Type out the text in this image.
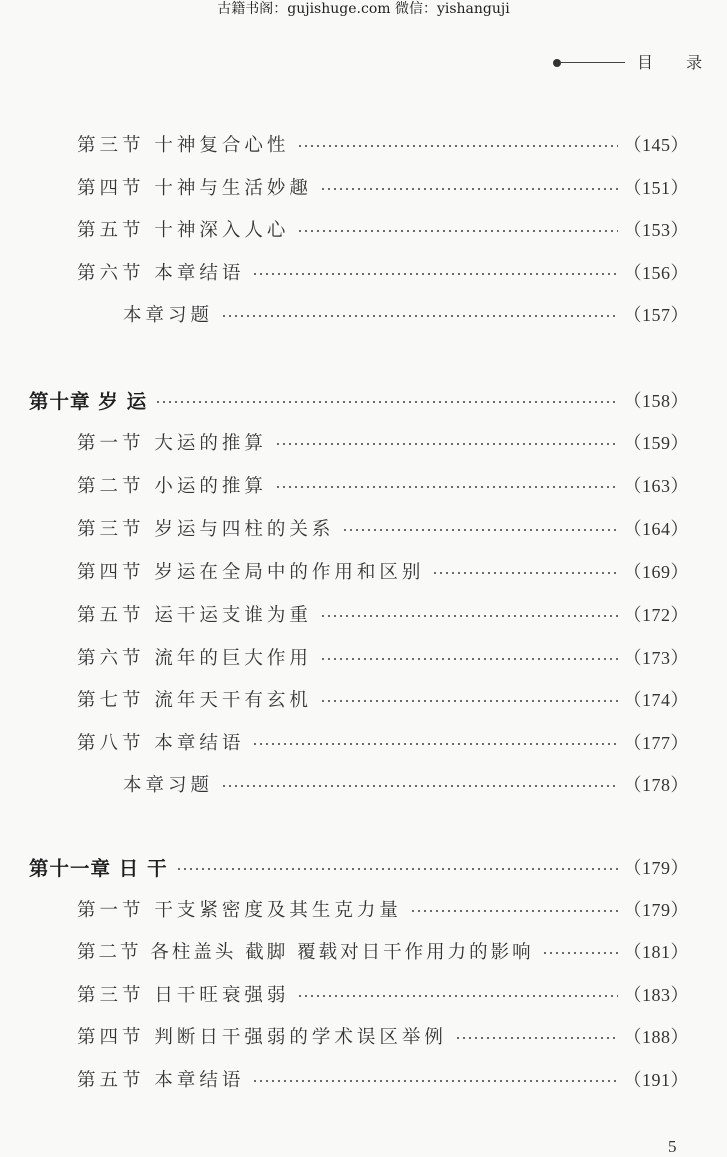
古籍书阁：gujishuge.com 微信：yishanguji
目 录
第三节 十神复合心性	（145）
第四节 十神与生活妙趣	（151）
第五节 十神深入人心	（153）
第六节 本章结语	（156）
本章习题	（157）
第十章 岁 运	（158）
第一节 大运的推算	（159）
第二节 小运的推算	（163）
第三节 岁运与四柱的关系	（164）
第四节 岁运在全局中的作用和区别	（169）
第五节 运干运支谁为重	（172）
第六节 流年的巨大作用	（173）
第七节 流年天干有玄机	（174）
第八节 本章结语	（177）
本章习题	（178）
第十一章 日 干	（179）
第一节 干支紧密度及其生克力量	（179）
第二节 各柱盖头 截脚 覆载对日干作用力的影响	（181）
第三节 日干旺衰强弱	（183）
第四节 判断日干强弱的学术误区举例	（188）
第五节 本章结语	（191）
5
